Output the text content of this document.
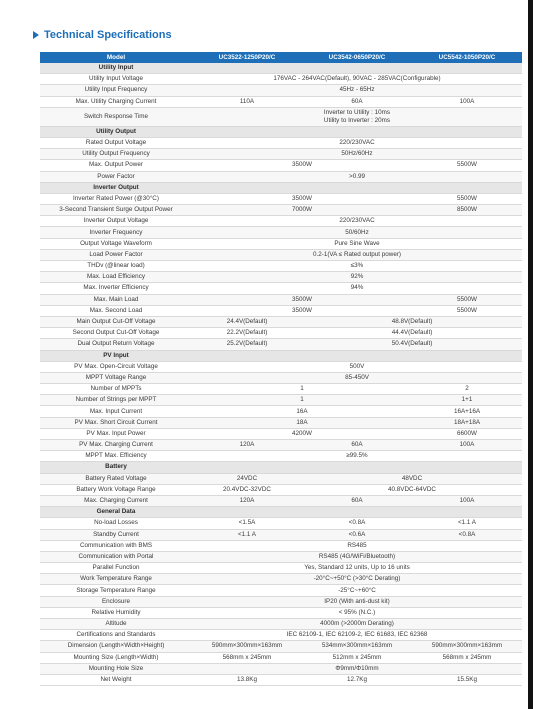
Technical Specifications
Model	UC3522-1250P20/C	UC3542-0650P20/C	UC5542-1050P20/C
Utility Input			
Utility Input Voltage	176VAC - 264VAC(Default), 90VAC - 285VAC(Configurable)		
Utility Input Frequency	45Hz - 65Hz		
Max. Utility Charging Current	110A	60A	100A
Switch Response Time	Inverter to Utility : 10ms
Utility to Inverter : 20ms		

Utility Output			
Rated Output Voltage	220/230VAC		
Utility Output Frequency	50Hz/60Hz		
Max. Output Power	3500W		5500W
Power Factor	>0.99		
Inverter Output			
Inverter Rated Power (@30°C)	3500W		5500W
3-Second Transient Surge Output Power	7000W		8500W
Inverter Output Voltage	220/230VAC		
Inverter Frequency	50/60Hz		
Output Voltage Waveform	Pure Sine Wave		
Load Power Factor	0.2-1(VA ≤ Rated output power)		
THDv (@linear load)	≤3%		
Max. Load Efficiency	92%		
Max. Inverter Efficiency	94%		
Max. Main Load	3500W		5500W
Max. Second Load	3500W		5500W
Main Output Cut-Off Voltage	24.4V(Default)	48.8V(Default)	
Second Output Cut-Off Voltage	22.2V(Default)	44.4V(Default)	
Dual Output Return Voltage	25.2V(Default)	50.4V(Default)	
PV Input			
PV Max. Open-Circuit Voltage	500V		
MPPT Voltage Range	85-450V		
Number of MPPTs	1		2
Number of Strings per MPPT	1		1+1
Max. Input Current	16A		16A+16A
PV Max. Short Circuit Current	18A		18A+18A
PV Max. Input Power	4200W		6600W
PV Max. Charging Current	120A	60A	100A
MPPT Max. Efficiency	≥99.5%		
Battery			
Battery Rated Voltage	24VDC	48VDC	
Battery Work Voltage Range	20.4VDC-32VDC	40.8VDC-64VDC	
Max. Charging Current	120A	60A	100A
General Data			
No-load Losses	<1.5A	<0.8A	<1.1 A
Standby Current	<1.1 A	<0.6A	<0.8A
Communication with BMS	RS485		
Communication with Portal	RS485 (4G/WiFi/Bluetooth)		
Parallel Function	Yes, Standard 12 units, Up to 16 units		
Work Temperature Range	-20°C~+50°C (>30°C Derating)		
Storage Temperature Range	-25°C~+60°C		
Enclosure	IP20 (With anti-dust kit)		
Relative Humidity	< 95% (N.C.)		
Altitude	4000m (>2000m Derating)		
Certifications and Standards	IEC 62109-1, IEC 62109-2, IEC 61683, IEC 62368		
Dimension (Length×Width×Height)	590mm×300mm×163mm	534mm×300mm×163mm	590mm×300mm×163mm
Mounting Size (Length×Width)	568mm x 245mm	512mm x 245mm	568mm x 245mm
Mounting Hole Size	Φ9mm/Φ10mm		
Net Weight	13.8Kg	12.7Kg	15.5Kg
